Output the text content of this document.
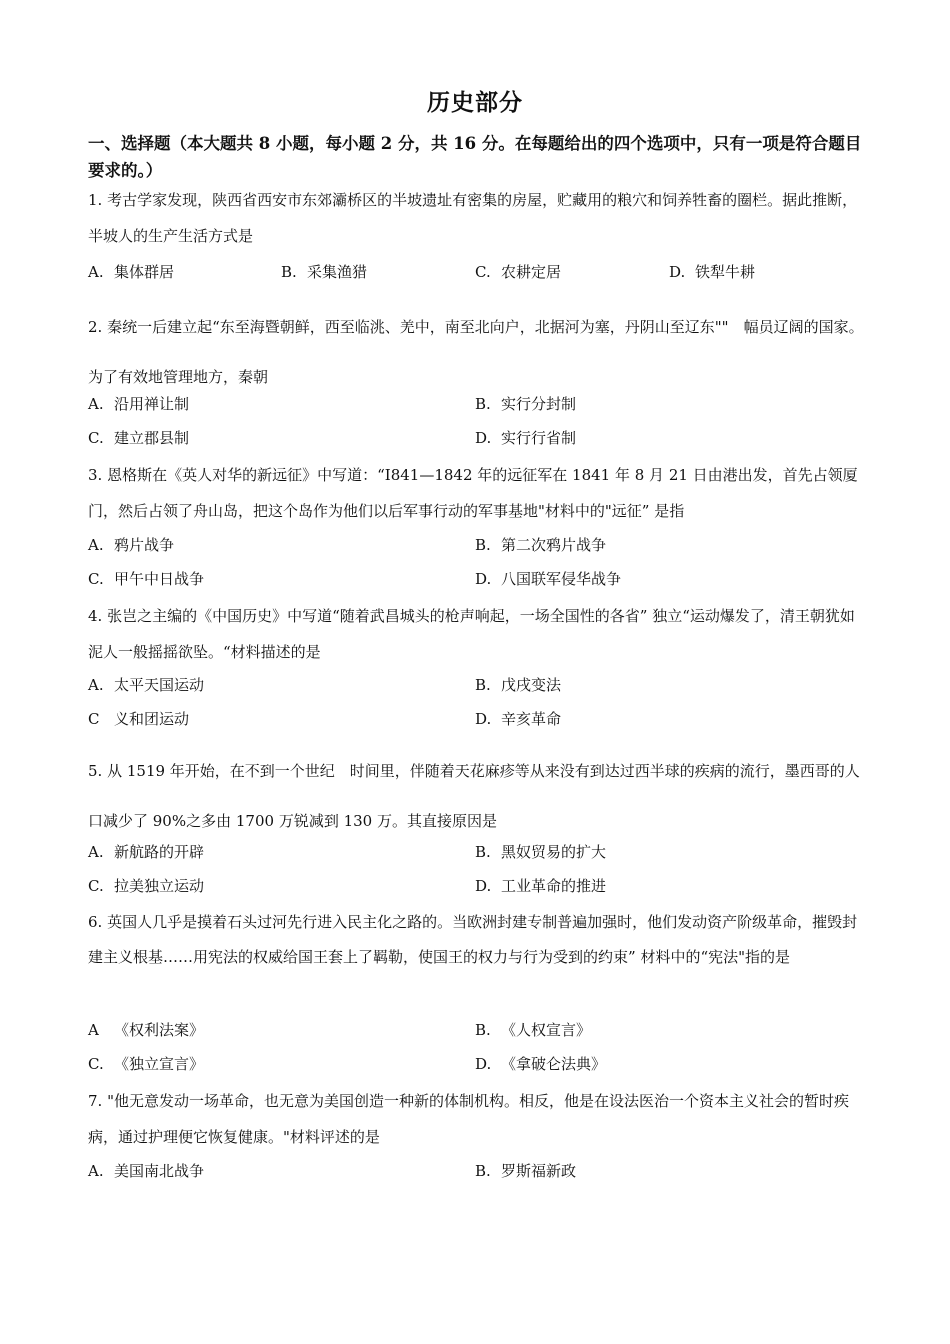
历史部分
一、选择题（本大题共 8 小题，每小题 2 分，共 16 分。在每题给出的四个选项中，只有一项是符合题目要求的。）
1. 考古学家发现，陕西省西安市东郊灞桥区的半坡遗址有密集的房屋，贮藏用的粮穴和饲养牲畜的圈栏。据此推断，半坡人的生产生活方式是
A. 集体群居	B. 采集渔猎	C. 农耕定居	D. 铁犁牛耕
2. 秦统一后建立起“东至海暨朝鲜，西至临洮、羌中，南至北向户，北据河为塞，丹阴山至辽东""　幅员辽阔的国家。为了有效地管理地方，秦朝
A. 沿用禅让制	B. 实行分封制
C. 建立郡县制	D. 实行行省制
3. 恩格斯在《英人对华的新远征》中写道：“I841—1842 年的远征军在 1841 年 8 月 21 日由港出发，首先占领厦门，然后占领了舟山岛，把这个岛作为他们以后军事行动的军事基地"材料中的"远征” 是指
A. 鸦片战争	B. 第二次鸦片战争
C. 甲午中日战争	D. 八国联军侵华战争
4. 张岂之主编的《中国历史》中写道“随着武昌城头的枪声响起，一场全国性的各省” 独立“运动爆发了，清王朝犹如泥人一般摇摇欲坠。“材料描述的是
A. 太平天国运动	B. 戊戌变法
C 义和团运动	D. 辛亥革命
5. 从 1519 年开始，在不到一个世纪　时间里，伴随着天花麻疹等从来没有到达过西半球的疾病的流行，墨西哥的人口减少了 90%之多由 1700 万锐减到 130 万。其直接原因是
A. 新航路的开辟	B. 黑奴贸易的扩大
C. 拉美独立运动	D. 工业革命的推进
6. 英国人几乎是摸着石头过河先行进入民主化之路的。当欧洲封建专制普遍加强时，他们发动资产阶级革命，摧毁封建主义根基……用宪法的权威给国王套上了羁勒，使国王的权力与行为受到的约束” 材料中的“宪法"指的是
A 《权利法案》	B. 《人权宣言》
C. 《独立宣言》	D. 《拿破仑法典》
7. "他无意发动一场革命，也无意为美国创造一种新的体制机构。相反，他是在设法医治一个资本主义社会的暂时疾病，通过护理便它恢复健康。"材料评述的是
A. 美国南北战争	B. 罗斯福新政
